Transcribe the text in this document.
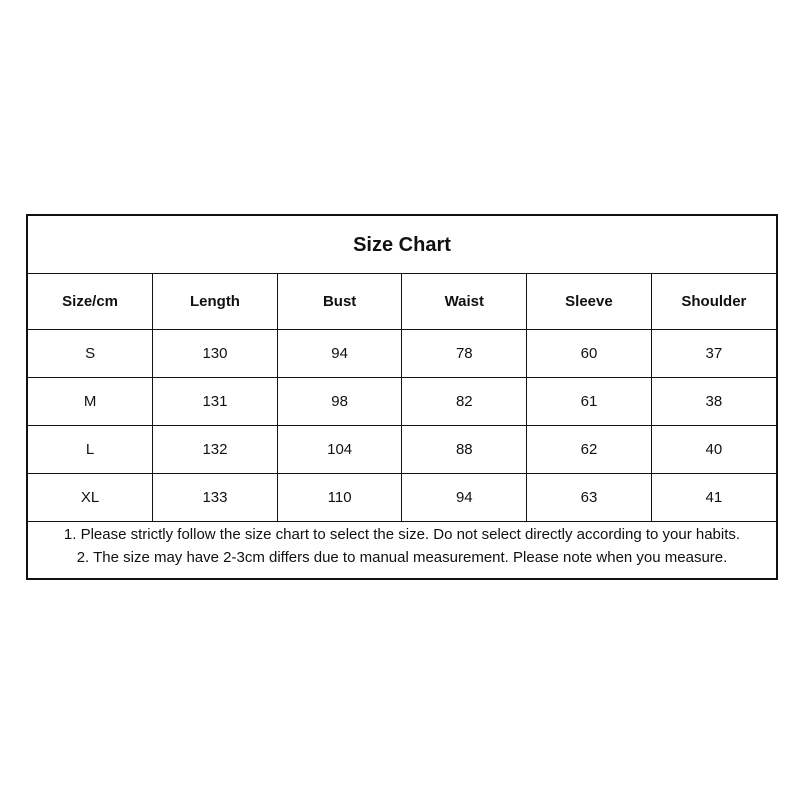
Size Chart
Size/cm	Length	Bust	Waist	Sleeve	Shoulder
S	130	94	78	60	37
M	131	98	82	61	38
L	132	104	88	62	40
XL	133	110	94	63	41
1. Please strictly follow the size chart to select the size. Do not select directly according to your habits.
2. The size may have 2-3cm differs due to manual measurement. Please note when you measure.
